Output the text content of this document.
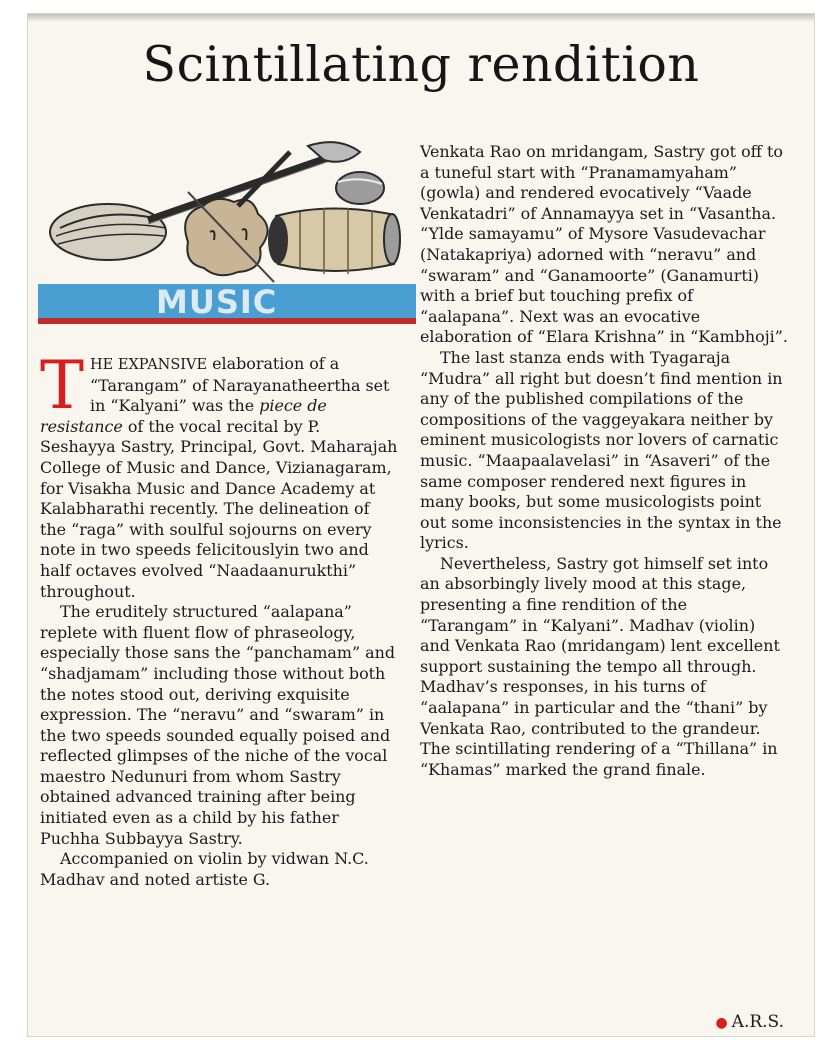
Scintillating rendition
MUSIC

THE EXPANSIVE elaboration of a “Tarangam” of Narayanatheertha set in “Kalyani” was the piece de resistance of the vocal recital by P. Seshayya Sastry, Principal, Govt. Maharajah College of Music and Dance, Vizianagaram, for Visakha Music and Dance Academy at Kalabharathi recently. The delineation of the “raga” with soulful sojourns on every note in two speeds felicitouslyin two and half octaves evolved “Naadaanurukthi” throughout.

The eruditely structured “aalapana” replete with fluent flow of phraseology, especially those sans the “panchamam” and “shadjamam” including those without both the notes stood out, deriving exquisite expression. The “neravu” and “swaram” in the two speeds sounded equally poised and reflected glimpses of the niche of the vocal maestro Nedunuri from whom Sastry obtained advanced training after being initiated even as a child by his father Puchha Subbayya Sastry.

Accompanied on violin by vidwan N.C. Madhav and noted artiste G.

Venkata Rao on mridangam, Sastry got off to a tuneful start with “Pranamamyaham” (gowla) and rendered evocatively “Vaade Venkatadri” of Annamayya set in “Vasantha. “Ylde samayamu” of Mysore Vasudevachar (Natakapriya) adorned with “neravu” and “swaram” and “Ganamoorte” (Ganamurti) with a brief but touching prefix of “aalapana”. Next was an evocative elaboration of “Elara Krishna” in “Kambhoji”.

The last stanza ends with Tyagaraja “Mudra” all right but doesn’t find mention in any of the published compilations of the compositions of the vaggeyakara neither by eminent musicologists nor lovers of carnatic music. “Maapaalavelasi” in “Asaveri” of the same composer rendered next figures in many books, but some musicologists point out some inconsistencies in the syntax in the lyrics.

Nevertheless, Sastry got himself set into an absorbingly lively mood at this stage, presenting a fine rendition of the “Tarangam” in “Kalyani”. Madhav (violin) and Venkata Rao (mridangam) lent excellent support sustaining the tempo all through. Madhav’s responses, in his turns of “aalapana” in particular and the “thani” by Venkata Rao, contributed to the grandeur. The scintillating rendering of a “Thillana” in “Khamas” marked the grand finale.

● A.R.S.
